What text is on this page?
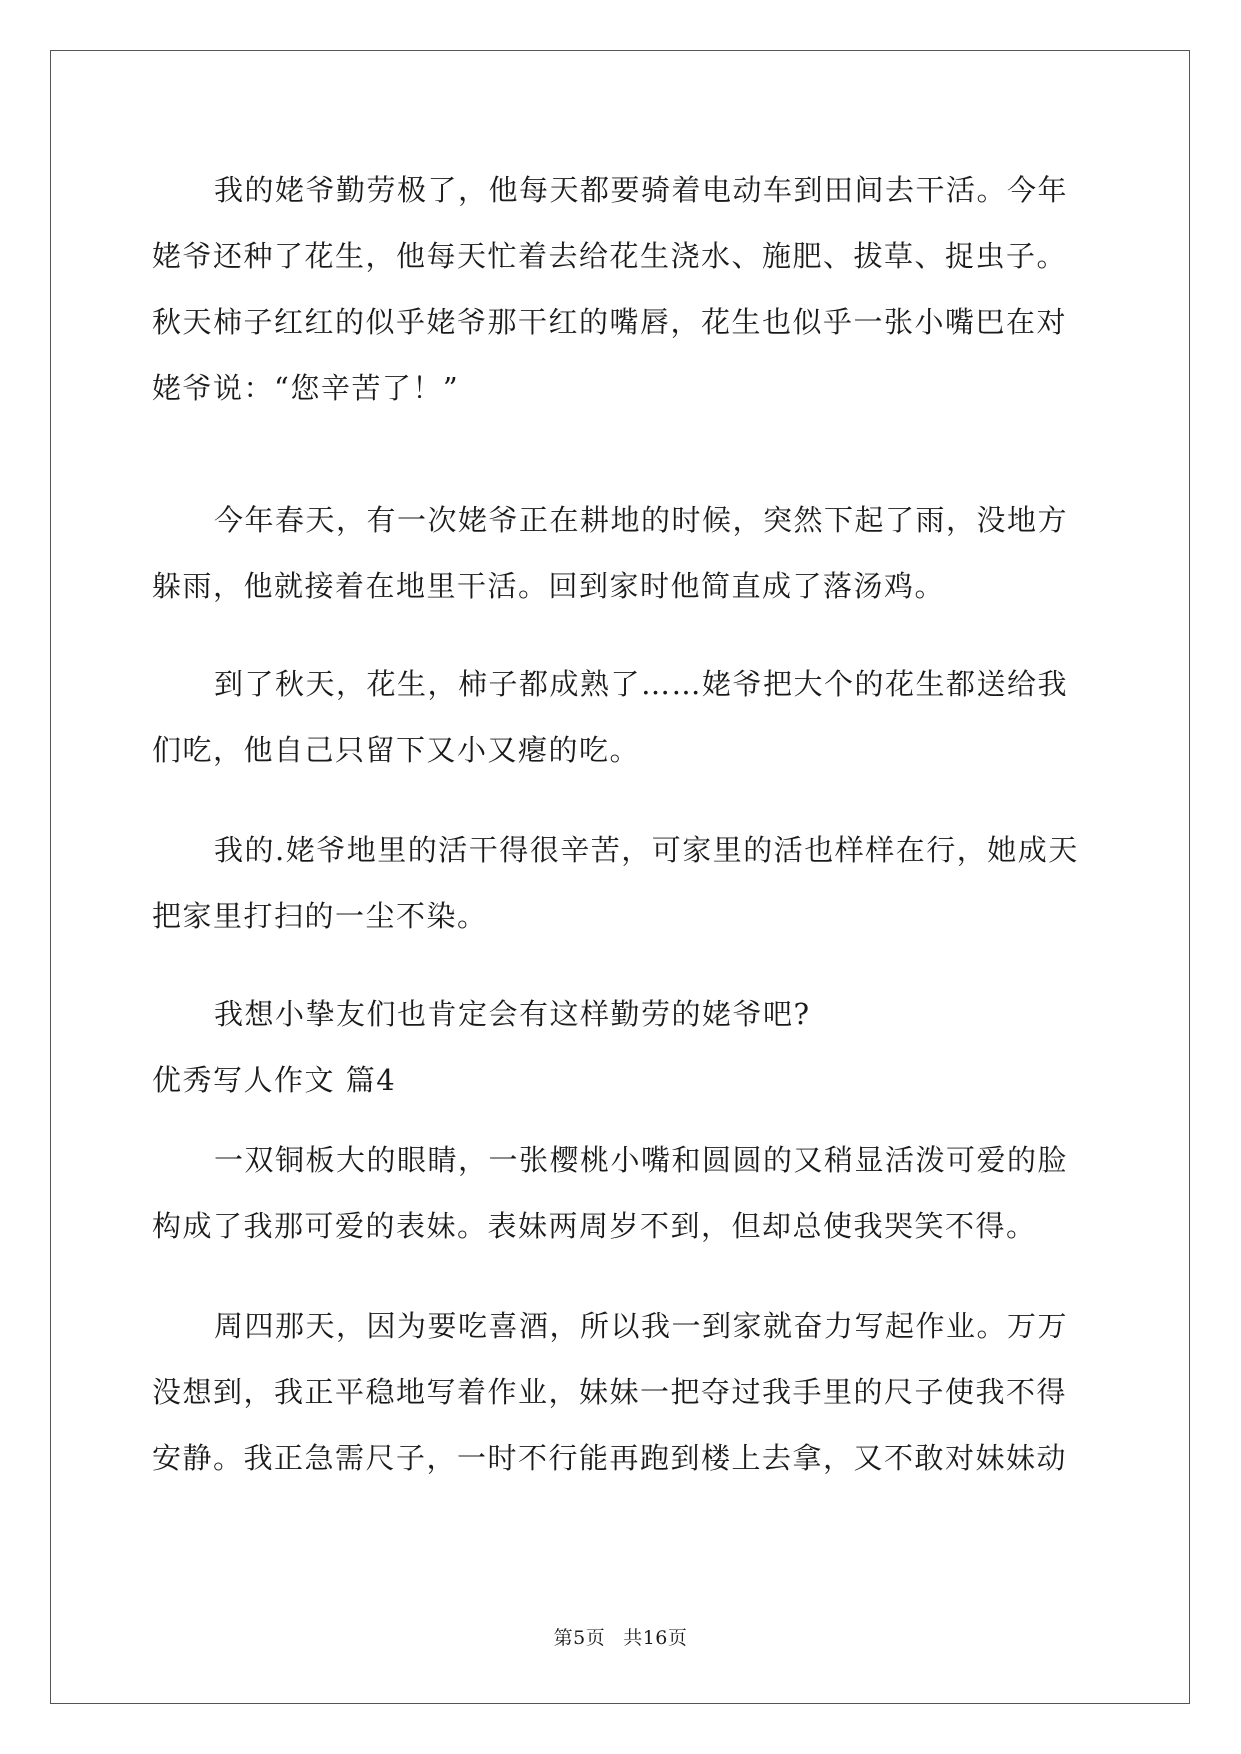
我的姥爷勤劳极了，他每天都要骑着电动车到田间去干活。今年
姥爷还种了花生，他每天忙着去给花生浇水、施肥、拔草、捉虫子。
秋天柿子红红的似乎姥爷那干红的嘴唇，花生也似乎一张小嘴巴在对
姥爷说：“您辛苦了！”
今年春天，有一次姥爷正在耕地的时候，突然下起了雨，没地方
躲雨，他就接着在地里干活。回到家时他简直成了落汤鸡。
到了秋天，花生，柿子都成熟了……姥爷把大个的花生都送给我
们吃，他自己只留下又小又瘪的吃。
我的.姥爷地里的活干得很辛苦，可家里的活也样样在行，她成天
把家里打扫的一尘不染。
我想小挚友们也肯定会有这样勤劳的姥爷吧?
优秀写人作文 篇4
一双铜板大的眼睛，一张樱桃小嘴和圆圆的又稍显活泼可爱的脸
构成了我那可爱的表妹。表妹两周岁不到，但却总使我哭笑不得。
周四那天，因为要吃喜酒，所以我一到家就奋力写起作业。万万
没想到，我正平稳地写着作业，妹妹一把夺过我手里的尺子使我不得
安静。我正急需尺子，一时不行能再跑到楼上去拿，又不敢对妹妹动
第5页 共16页
